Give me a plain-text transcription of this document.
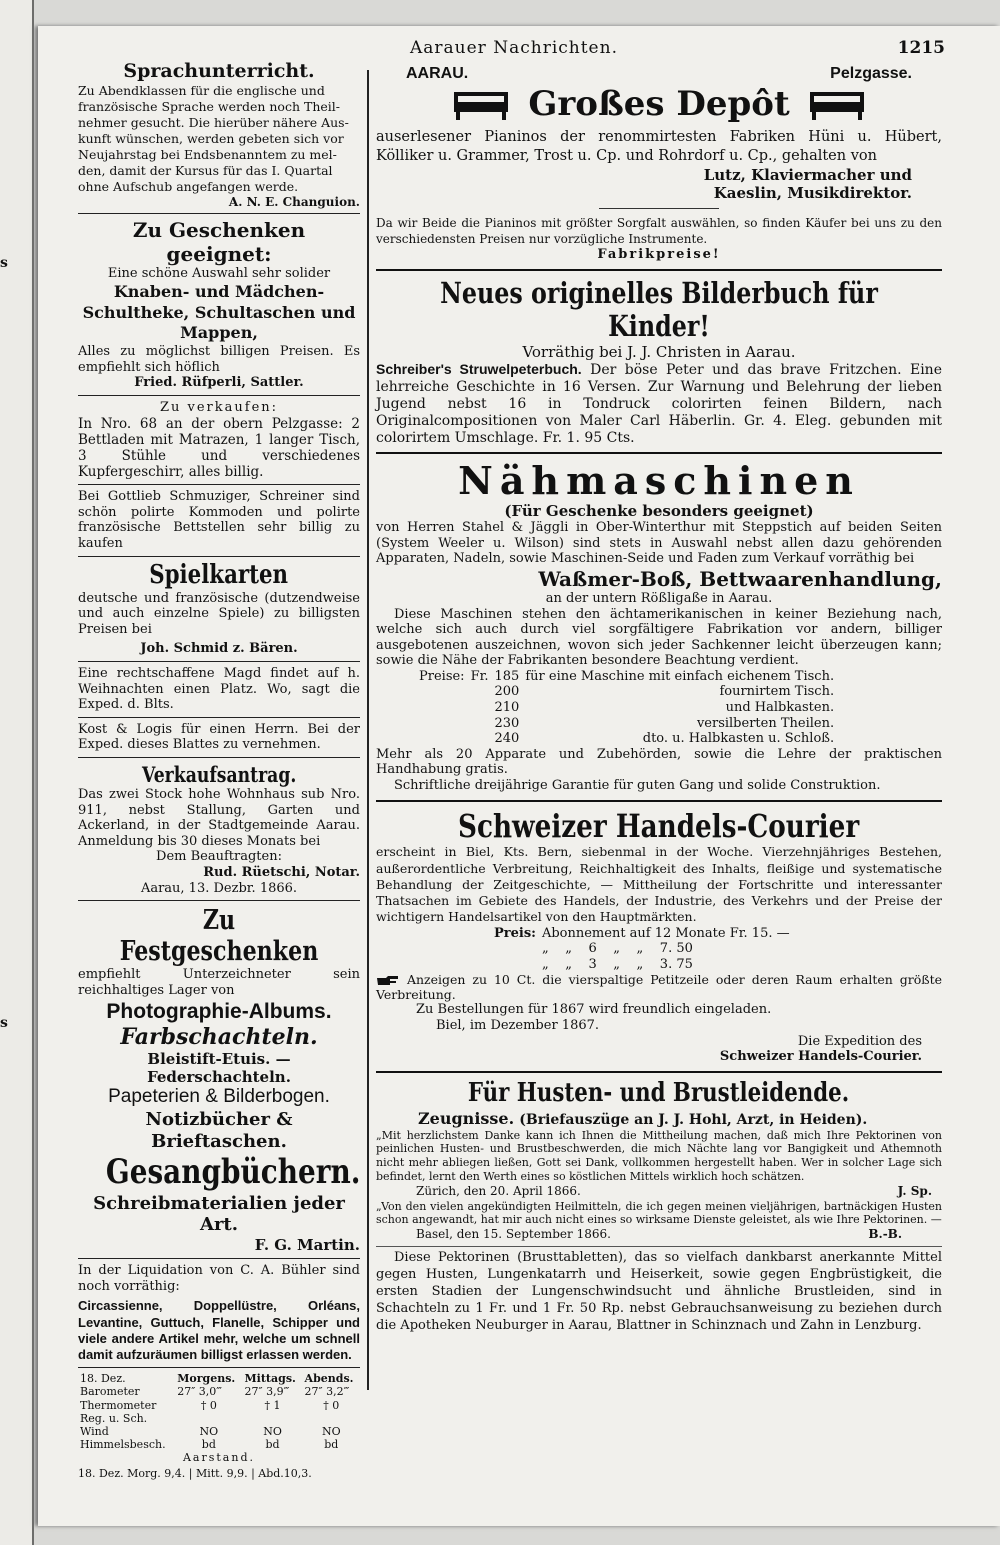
s
s
Aarauer Nachrichten.	1215
Sprachunterricht.

Zu Abendklassen für die englische und

französische Sprache werden noch Theil-

nehmer gesucht. Die hierüber nähere Aus-

kunft wünschen, werden gebeten sich vor

Neujahrstag bei Endsbenanntem zu mel-

den, damit der Kursus für das I. Quartal

ohne Aufschub angefangen werde.

A. N. E. Changuion.
Zu Geschenken geeignet:
Eine schöne Auswahl sehr solider
Knaben- und Mädchen-Schultheke, Schultaschen und Mappen,
Alles zu möglichst billigen Preisen. Es empfiehlt sich höflich
Fried. Rüfperli, Sattler.
Zu verkaufen:
In Nro. 68 an der obern Pelzgasse: 2 Bettladen mit Matrazen, 1 langer Tisch, 3 Stühle und verschiedenes Kupfergeschirr, alles billig.
Bei Gottlieb Schmuziger, Schreiner sind schön polirte Kommoden und polirte französische Bettstellen sehr billig zu kaufen
Spielkarten
deutsche und französische (dutzendweise und auch einzelne Spiele) zu billigsten Preisen bei
Joh. Schmid z. Bären.
Eine rechtschaffene Magd findet auf h. Weihnachten einen Platz. Wo, sagt die Exped. d. Blts.
Kost & Logis für einen Herrn. Bei der Exped. dieses Blattes zu vernehmen.
Verkaufsantrag.
Das zwei Stock hohe Wohnhaus sub Nro. 911, nebst Stallung, Garten und Ackerland, in der Stadtgemeinde Aarau. Anmeldung bis 30 dieses Monats bei
Dem Beauftragten:
Rud. Rüetschi, Notar.
Aarau, 13. Dezbr. 1866.
Zu Festgeschenken
empfiehlt Unterzeichneter sein reichhaltiges Lager von
Photographie-Albums.
Farbschachteln.
Bleistift-Etuis. — Federschachteln.
Papeterien & Bilderbogen.
Notizbücher & Brieftaschen.
Gesangbüchern.
Schreibmaterialien jeder Art.
F. G. Martin.
In der Liquidation von C. A. Bühler sind noch vorräthig:
Circassienne, Doppellüstre, Orléans, Levantine, Guttuch, Flanelle, Schipper und viele andere Artikel mehr, welche um schnell damit aufzuräumen billigst erlassen werden.
18. Dez.	Morgens.	Mittags.	Abends.
Barometer	27″ 3,0‴	27″ 3,9‴	27″ 3,2‴
Thermometer	† 0	† 1	† 0
Reg. u. Sch.			
Wind	NO	NO	NO
Himmelsbesch.	bd	bd	bd
Aarstand.
18. Dez. Morg. 9,4. | Mitt. 9,9. | Abd.10,3.
AARAU.	Pelzgasse.
Großes Depôt
auserlesener Pianinos der renommirtesten Fabriken Hüni u. Hübert, Kölliker u. Grammer, Trost u. Cp. und Rohrdorf u. Cp., gehalten von
Lutz, Klaviermacher und
Kaeslin, Musikdirektor.
Da wir Beide die Pianinos mit größter Sorgfalt auswählen, so finden Käufer bei uns zu den verschiedensten Preisen nur vorzügliche Instrumente.
Fabrikpreise!
Neues originelles Bilderbuch für Kinder!
Vorräthig bei J. J. Christen in Aarau.
Schreiber's Struwelpeterbuch. Der böse Peter und das brave Fritzchen. Eine lehrreiche Geschichte in 16 Versen. Zur Warnung und Belehrung der lieben Jugend nebst 16 in Tondruck colorirten feinen Bildern, nach Originalcompositionen von Maler Carl Häberlin. Gr. 4. Eleg. gebunden mit colorirtem Umschlage. Fr. 1. 95 Cts.
Nähmaschinen
(Für Geschenke besonders geeignet)
von Herren Stahel & Jäggli in Ober-Winterthur mit Steppstich auf beiden Seiten (System Weeler u. Wilson) sind stets in Auswahl nebst allen dazu gehörenden Apparaten, Nadeln, sowie Maschinen-Seide und Faden zum Verkauf vorräthig bei
Waßmer-Boß, Bettwaarenhandlung,
an der untern Rößligaße in Aarau.
Diese Maschinen stehen den ächtamerikanischen in keiner Beziehung nach, welche sich auch durch viel sorgfältigere Fabrikation vor andern, billiger ausgebotenen auszeichnen, wovon sich jeder Sachkenner leicht überzeugen kann; sowie die Nähe der Fabrikanten besondere Beachtung verdient.
Preise:	Fr.	185	für eine Maschine mit einfach eichenem Tisch.
		200	fournirtem Tisch.
		210	und Halbkasten.
		230	versilberten Theilen.
		240	dto. u. Halbkasten u. Schloß.
Mehr als 20 Apparate und Zubehörden, sowie die Lehre der praktischen Handhabung gratis.
Schriftliche dreijährige Garantie für guten Gang und solide Construktion.
Schweizer Handels-Courier
erscheint in Biel, Kts. Bern, siebenmal in der Woche. Vierzehnjähriges Bestehen, außerordentliche Verbreitung, Reichhaltigkeit des Inhalts, fleißige und systematische Behandlung der Zeitgeschichte, — Mittheilung der Fortschritte und interessanter Thatsachen im Gebiete des Handels, der Industrie, des Verkehrs und der Preise der wichtigern Handelsartikel von den Hauptmärkten.
Preis:	Abonnement auf 12 Monate Fr. 15. —
	„    „    6    „    „    7. 50
	„    „    3    „    „    3. 75
Anzeigen zu 10 Ct. die vierspaltige Petitzeile oder deren Raum erhalten größte Verbreitung.
Zu Bestellungen für 1867 wird freundlich eingeladen.
Biel, im Dezember 1867.
Die Expedition des
Schweizer Handels-Courier.
Für Husten- und Brustleidende.
Zeugnisse. (Briefauszüge an J. J. Hohl, Arzt, in Heiden).
„Mit herzlichstem Danke kann ich Ihnen die Mittheilung machen, daß mich Ihre Pektorinen von peinlichen Husten- und Brustbeschwerden, die mich Nächte lang vor Bangigkeit und Athemnoth nicht mehr abliegen ließen, Gott sei Dank, vollkommen hergestellt haben. Wer in solcher Lage sich befindet, lernt den Werth eines so köstlichen Mittels wirklich hoch schätzen.
Zürich, den 20. April 1866.	J. Sp.
„Von den vielen angekündigten Heilmitteln, die ich gegen meinen vieljährigen, bartnäckigen Husten schon angewandt, hat mir auch nicht eines so wirksame Dienste geleistet, als wie Ihre Pektorinen. —
Basel, den 15. September 1866.	B.-B.
Diese Pektorinen (Brusttabletten), das so vielfach dankbarst anerkannte Mittel gegen Husten, Lungenkatarrh und Heiserkeit, sowie gegen Engbrüstigkeit, die ersten Stadien der Lungenschwindsucht und ähnliche Brustleiden, sind in Schachteln zu 1 Fr. und 1 Fr. 50 Rp. nebst Gebrauchsanweisung zu beziehen durch die Apotheken Neuburger in Aarau, Blattner in Schinznach und Zahn in Lenzburg.
